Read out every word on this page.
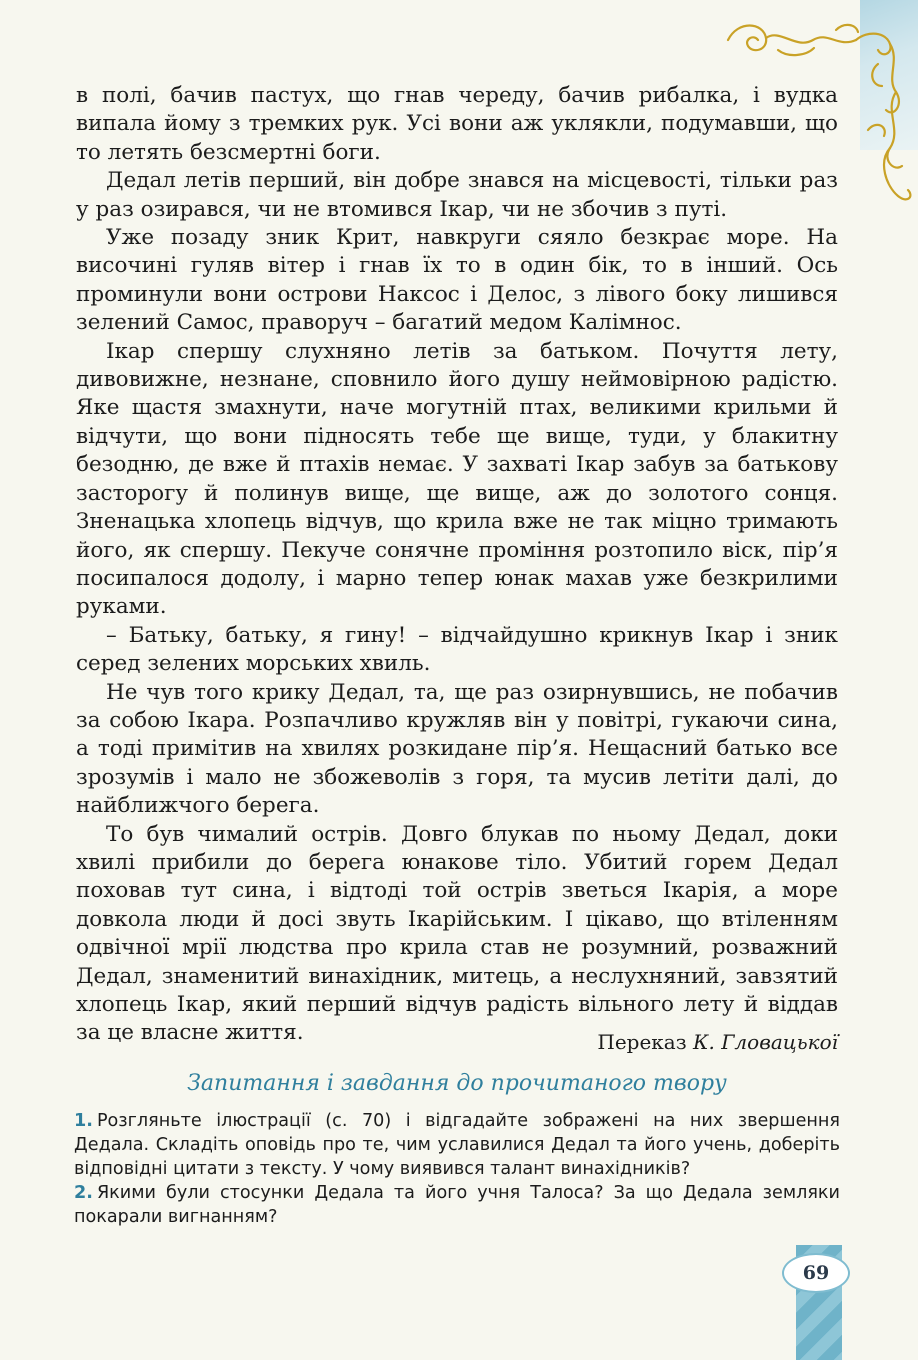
в полі, бачив пастух, що гнав череду, бачив рибалка, і вудка випала йому з тремких рук. Усі вони аж уклякли, подумавши, що то летять безсмертні боги.

Дедал летів перший, він добре знався на місцевості, тільки раз у раз озирався, чи не втомився Ікар, чи не збочив з путі.

Уже позаду зник Крит, навкруги сяяло безкрає море. На височині гуляв вітер і гнав їх то в один бік, то в інший. Ось проминули вони острови Наксос і Делос, з лівого боку лишився зелений Самос, праворуч – багатий медом Калімнос.

Ікар спершу слухняно летів за батьком. Почуття лету, дивовижне, незнане, сповнило його душу неймовірною радістю. Яке щастя змахнути, наче могутній птах, великими крильми й відчути, що вони підносять тебе ще вище, туди, у блакитну безодню, де вже й птахів немає. У захваті Ікар забув за батькову засторогу й полинув вище, ще вище, аж до золотого сонця. Зненацька хлопець відчув, що крила вже не так міцно тримають його, як спершу. Пекуче сонячне проміння розтопило віск, пір’я посипалося додолу, і марно тепер юнак махав уже безкрилими руками.

– Батьку, батьку, я гину! – відчайдушно крикнув Ікар і зник серед зелених морських хвиль.

Не чув того крику Дедал, та, ще раз озирнувшись, не побачив за собою Ікара. Розпачливо кружляв він у повітрі, гукаючи сина, а тоді примітив на хвилях розкидане пір’я. Нещасний батько все зрозумів і мало не збожеволів з горя, та мусив летіти далі, до найближчого берега.

То був чималий острів. Довго блукав по ньому Дедал, доки хвилі прибили до берега юнакове тіло. Убитий горем Дедал поховав тут сина, і відтоді той острів зветься Ікарія, а море довкола люди й досі звуть Ікарійським. І цікаво, що втіленням одвічної мрії людства про крила став не розумний, розважний Дедал, знаменитий винахідник, митець, а неслухняний, завзятий хлопець Ікар, який перший відчув радість вільного лету й віддав за це власне життя.	Переказ К. Гловацької
Запитання і завдання до прочитаного твору

1. Розгляньте ілюстрації (с. 70) і відгадайте зображені на них звершення Дедала. Складіть оповідь про те, чим уславилися Дедал та його учень, доберіть відповідні цитати з тексту. У чому виявився талант винахідників?

2. Якими були стосунки Дедала та його учня Талоса? За що Дедала земляки покарали вигнанням?

69
